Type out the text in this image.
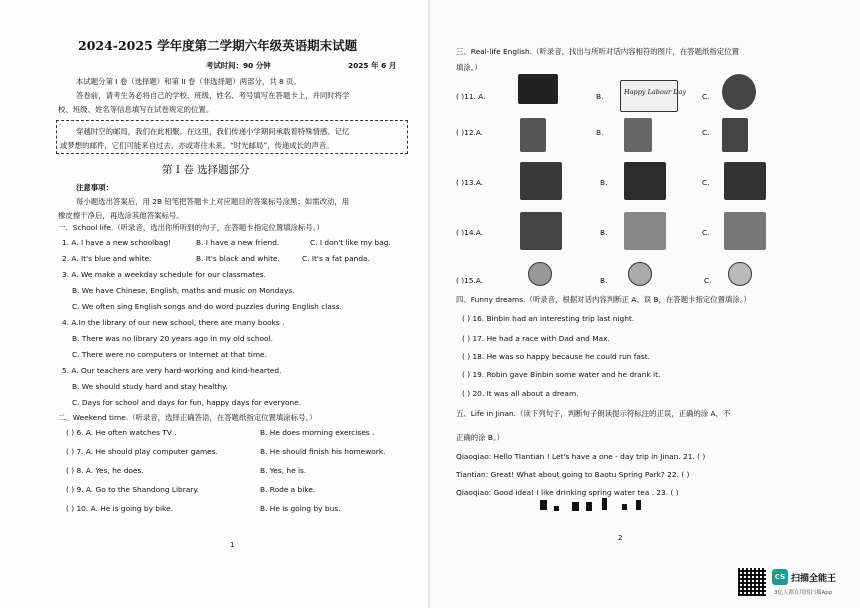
2024-2025 学年度第二学期六年级英语期末试题
考试时间：90 分钟	2025 年 6 月
本试题分第 I 卷（选择题）和第 II 卷（非选择题）两部分，共 8 页。
答卷前，请考生务必将自己的学校、班级、姓名、考号填写在答题卡上，并同时将学
校、班级、姓名等信息填写在试卷规定的位置。
穿越时空的邮局，我们在此相聚。在这里，我们传递小学期间承载着特殊情感、记忆
或梦想的邮件，它们可能来自过去、亦或寄往未来。“时光邮局”，传递成长的声音。
第 I 卷 选择题部分
注意事项：
每小题选出答案后，用 2B 铅笔把答题卡上对应题目的答案标号涂黑；如需改动，用
橡皮擦干净后，再选涂其他答案标号。
一、School life.（听录音，选出你所听到的句子，在答题卡指定位置填涂标号。）
1. A. I have a new schoolbag!	B. I have a new friend.	C. I don't like my bag.
2. A. It's blue and white.	B. It's black and white.	C. It's a fat panda.
3. A. We make a weekday schedule for our classmates.
B. We have Chinese, English, maths and music on Mondays.
C. We often sing English songs and do word puzzles during English class.
4. A.In the library of our new school, there are many books .
B. There was no library 20 years ago in my old school.
C. There were no computers or Internet at that time.
5. A. Our teachers are very hard-working and kind-hearted.
B. We should study hard and stay healthy.
C. Days for school and days for fun, happy days for everyone.
二、Weekend time.（听录音，选择正确答语，在答题纸指定位置填涂标号。）
( ) 6. A. He often watches TV .	B. He does morning exercises .
( ) 7. A. He should play computer games.	B. He should finish his homework.
( ) 8. A. Yes, he does.	B. Yes, he is.
( ) 9. A. Go to the Shandong Library.	B. Rode a bike.
( ) 10. A. He is going by bike.	B. He is going by bus.
1
三、Real-life English.（听录音，找出与所听对话内容相符的图片，在答题纸指定位置
填涂。）
( )11. A.	B.	Happy Labour Day C.
( )12.A.	B.	C.
( )13.A.	B.	C.
( )14.A.	B.	C.
( )15.A.	B.	C.
四、Funny dreams.（听录音，根据对话内容判断正 A、误 B，在答题卡指定位置填涂。）
( ) 16. Binbin had an interesting trip last night.
( ) 17. He had a race with Dad and Max.
( ) 18. He was so happy because he could run fast.
( ) 19. Robin gave Binbin some water and he drank it.
( ) 20. It was all about a dream.
五、Life in Jinan.（读下列句子，判断句子朗读提示符标注的正误，正确的涂 A，不
正确的涂 B。）
Qiaoqiao: Hello Tiantian ! Let's have a one - day trip in Jinan. 21. ( )
Tiantian: Great! What about going to Baotu Spring Park? 22. ( )
Qiaoqiao: Good idea! I like drinking spring water tea . 23. ( )
2
CS 扫描全能王
3亿人都在用的扫描App
